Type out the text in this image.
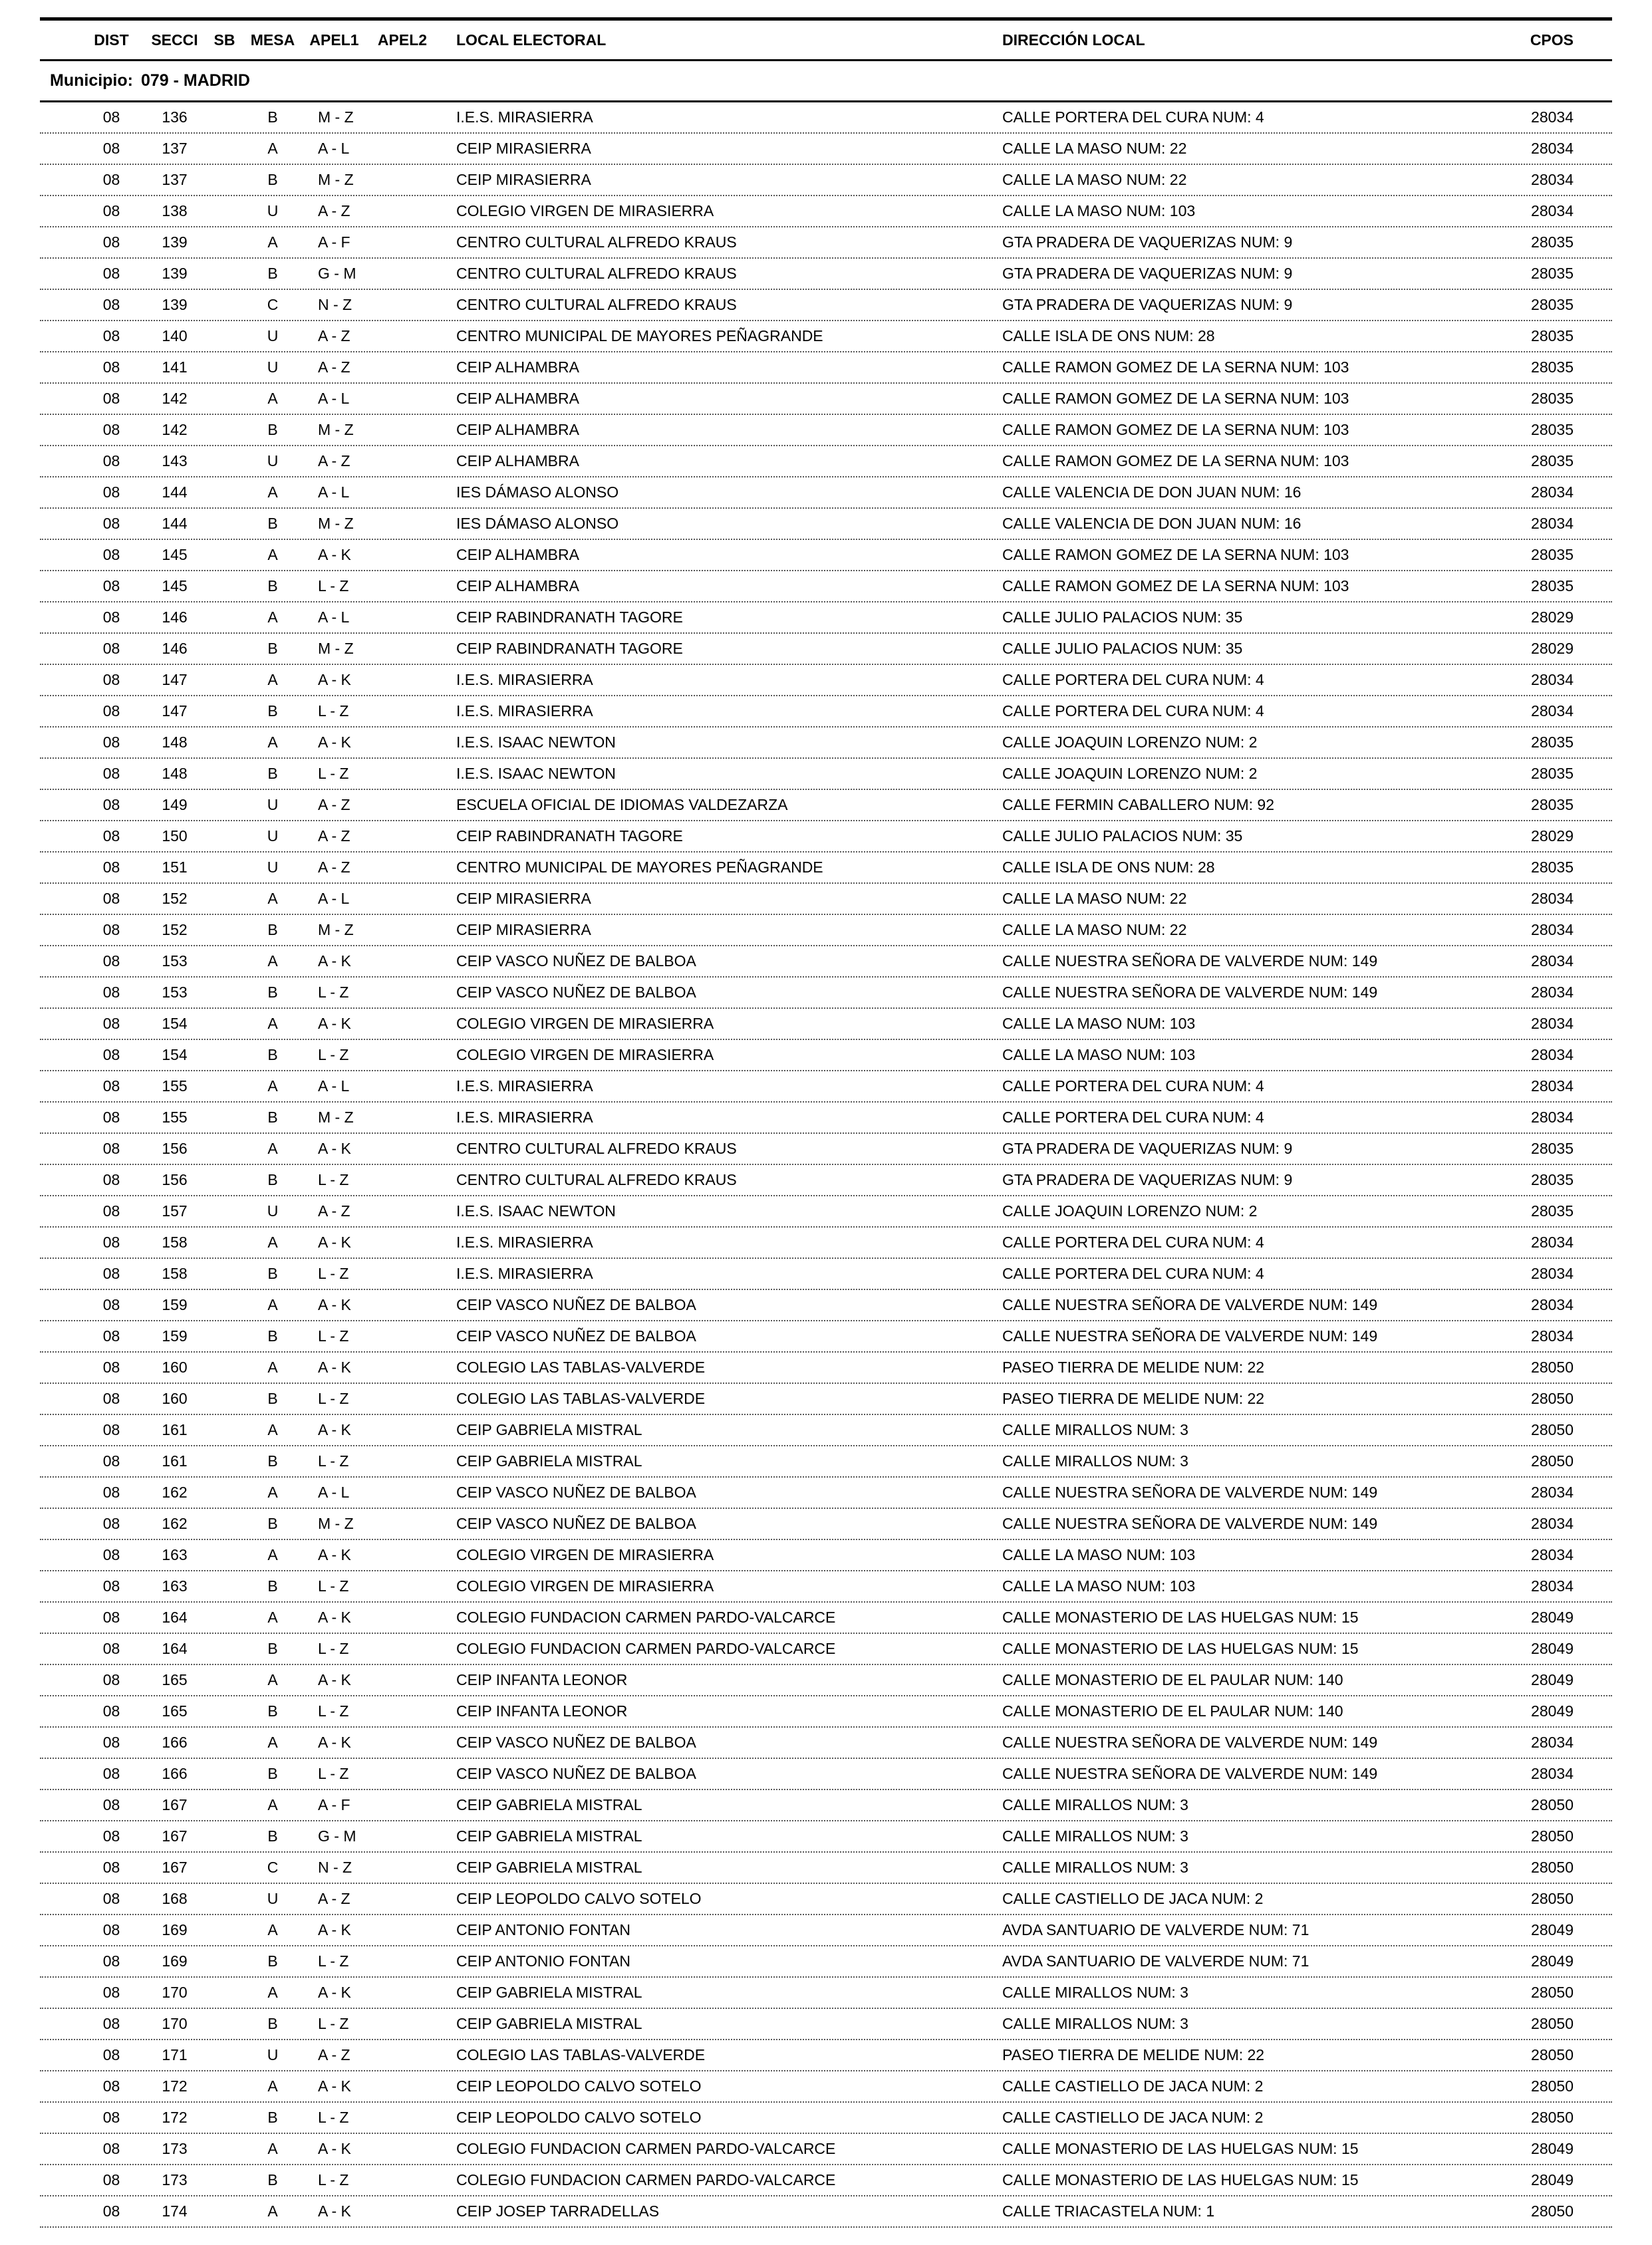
DIST	SECCI	SB	MESA APEL1	APEL2	LOCAL ELECTORAL	DIRECCIÓN LOCAL	CPOS
Municipio: 079 - MADRID
08	136	B	M - Z	I.E.S. MIRASIERRA	CALLE PORTERA DEL CURA NUM: 4	28034
08	137	A	A - L	CEIP MIRASIERRA	CALLE LA MASO NUM: 22	28034
08	137	B	M - Z	CEIP MIRASIERRA	CALLE LA MASO NUM: 22	28034
08	138	U	A - Z	COLEGIO VIRGEN DE MIRASIERRA	CALLE LA MASO NUM: 103	28034
08	139	A	A - F	CENTRO CULTURAL ALFREDO KRAUS	GTA PRADERA DE VAQUERIZAS NUM: 9	28035
08	139	B	G - M	CENTRO CULTURAL ALFREDO KRAUS	GTA PRADERA DE VAQUERIZAS NUM: 9	28035
08	139	C	N - Z	CENTRO CULTURAL ALFREDO KRAUS	GTA PRADERA DE VAQUERIZAS NUM: 9	28035
08	140	U	A - Z	CENTRO MUNICIPAL DE MAYORES PEÑAGRANDE	CALLE ISLA DE ONS NUM: 28	28035
08	141	U	A - Z	CEIP ALHAMBRA	CALLE RAMON GOMEZ DE LA SERNA NUM: 103	28035
08	142	A	A - L	CEIP ALHAMBRA	CALLE RAMON GOMEZ DE LA SERNA NUM: 103	28035
08	142	B	M - Z	CEIP ALHAMBRA	CALLE RAMON GOMEZ DE LA SERNA NUM: 103	28035
08	143	U	A - Z	CEIP ALHAMBRA	CALLE RAMON GOMEZ DE LA SERNA NUM: 103	28035
08	144	A	A - L	IES DÁMASO ALONSO	CALLE VALENCIA DE DON JUAN NUM: 16	28034
08	144	B	M - Z	IES DÁMASO ALONSO	CALLE VALENCIA DE DON JUAN NUM: 16	28034
08	145	A	A - K	CEIP ALHAMBRA	CALLE RAMON GOMEZ DE LA SERNA NUM: 103	28035
08	145	B	L - Z	CEIP ALHAMBRA	CALLE RAMON GOMEZ DE LA SERNA NUM: 103	28035
08	146	A	A - L	CEIP RABINDRANATH TAGORE	CALLE JULIO PALACIOS NUM: 35	28029
08	146	B	M - Z	CEIP RABINDRANATH TAGORE	CALLE JULIO PALACIOS NUM: 35	28029
08	147	A	A - K	I.E.S. MIRASIERRA	CALLE PORTERA DEL CURA NUM: 4	28034
08	147	B	L - Z	I.E.S. MIRASIERRA	CALLE PORTERA DEL CURA NUM: 4	28034
08	148	A	A - K	I.E.S. ISAAC NEWTON	CALLE JOAQUIN LORENZO NUM: 2	28035
08	148	B	L - Z	I.E.S. ISAAC NEWTON	CALLE JOAQUIN LORENZO NUM: 2	28035
08	149	U	A - Z	ESCUELA OFICIAL DE IDIOMAS VALDEZARZA	CALLE FERMIN CABALLERO NUM: 92	28035
08	150	U	A - Z	CEIP RABINDRANATH TAGORE	CALLE JULIO PALACIOS NUM: 35	28029
08	151	U	A - Z	CENTRO MUNICIPAL DE MAYORES PEÑAGRANDE	CALLE ISLA DE ONS NUM: 28	28035
08	152	A	A - L	CEIP MIRASIERRA	CALLE LA MASO NUM: 22	28034
08	152	B	M - Z	CEIP MIRASIERRA	CALLE LA MASO NUM: 22	28034
08	153	A	A - K	CEIP VASCO NUÑEZ DE BALBOA	CALLE NUESTRA SEÑORA DE VALVERDE NUM: 149	28034
08	153	B	L - Z	CEIP VASCO NUÑEZ DE BALBOA	CALLE NUESTRA SEÑORA DE VALVERDE NUM: 149	28034
08	154	A	A - K	COLEGIO VIRGEN DE MIRASIERRA	CALLE LA MASO NUM: 103	28034
08	154	B	L - Z	COLEGIO VIRGEN DE MIRASIERRA	CALLE LA MASO NUM: 103	28034
08	155	A	A - L	I.E.S. MIRASIERRA	CALLE PORTERA DEL CURA NUM: 4	28034
08	155	B	M - Z	I.E.S. MIRASIERRA	CALLE PORTERA DEL CURA NUM: 4	28034
08	156	A	A - K	CENTRO CULTURAL ALFREDO KRAUS	GTA PRADERA DE VAQUERIZAS NUM: 9	28035
08	156	B	L - Z	CENTRO CULTURAL ALFREDO KRAUS	GTA PRADERA DE VAQUERIZAS NUM: 9	28035
08	157	U	A - Z	I.E.S. ISAAC NEWTON	CALLE JOAQUIN LORENZO NUM: 2	28035
08	158	A	A - K	I.E.S. MIRASIERRA	CALLE PORTERA DEL CURA NUM: 4	28034
08	158	B	L - Z	I.E.S. MIRASIERRA	CALLE PORTERA DEL CURA NUM: 4	28034
08	159	A	A - K	CEIP VASCO NUÑEZ DE BALBOA	CALLE NUESTRA SEÑORA DE VALVERDE NUM: 149	28034
08	159	B	L - Z	CEIP VASCO NUÑEZ DE BALBOA	CALLE NUESTRA SEÑORA DE VALVERDE NUM: 149	28034
08	160	A	A - K	COLEGIO LAS TABLAS-VALVERDE	PASEO TIERRA DE MELIDE NUM: 22	28050
08	160	B	L - Z	COLEGIO LAS TABLAS-VALVERDE	PASEO TIERRA DE MELIDE NUM: 22	28050
08	161	A	A - K	CEIP GABRIELA MISTRAL	CALLE MIRALLOS NUM: 3	28050
08	161	B	L - Z	CEIP GABRIELA MISTRAL	CALLE MIRALLOS NUM: 3	28050
08	162	A	A - L	CEIP VASCO NUÑEZ DE BALBOA	CALLE NUESTRA SEÑORA DE VALVERDE NUM: 149	28034
08	162	B	M - Z	CEIP VASCO NUÑEZ DE BALBOA	CALLE NUESTRA SEÑORA DE VALVERDE NUM: 149	28034
08	163	A	A - K	COLEGIO VIRGEN DE MIRASIERRA	CALLE LA MASO NUM: 103	28034
08	163	B	L - Z	COLEGIO VIRGEN DE MIRASIERRA	CALLE LA MASO NUM: 103	28034
08	164	A	A - K	COLEGIO FUNDACION CARMEN PARDO-VALCARCE	CALLE MONASTERIO DE LAS HUELGAS NUM: 15	28049
08	164	B	L - Z	COLEGIO FUNDACION CARMEN PARDO-VALCARCE	CALLE MONASTERIO DE LAS HUELGAS NUM: 15	28049
08	165	A	A - K	CEIP INFANTA LEONOR	CALLE MONASTERIO DE EL PAULAR NUM: 140	28049
08	165	B	L - Z	CEIP INFANTA LEONOR	CALLE MONASTERIO DE EL PAULAR NUM: 140	28049
08	166	A	A - K	CEIP VASCO NUÑEZ DE BALBOA	CALLE NUESTRA SEÑORA DE VALVERDE NUM: 149	28034
08	166	B	L - Z	CEIP VASCO NUÑEZ DE BALBOA	CALLE NUESTRA SEÑORA DE VALVERDE NUM: 149	28034
08	167	A	A - F	CEIP GABRIELA MISTRAL	CALLE MIRALLOS NUM: 3	28050
08	167	B	G - M	CEIP GABRIELA MISTRAL	CALLE MIRALLOS NUM: 3	28050
08	167	C	N - Z	CEIP GABRIELA MISTRAL	CALLE MIRALLOS NUM: 3	28050
08	168	U	A - Z	CEIP LEOPOLDO CALVO SOTELO	CALLE CASTIELLO DE JACA NUM: 2	28050
08	169	A	A - K	CEIP ANTONIO FONTAN	AVDA SANTUARIO DE VALVERDE NUM: 71	28049
08	169	B	L - Z	CEIP ANTONIO FONTAN	AVDA SANTUARIO DE VALVERDE NUM: 71	28049
08	170	A	A - K	CEIP GABRIELA MISTRAL	CALLE MIRALLOS NUM: 3	28050
08	170	B	L - Z	CEIP GABRIELA MISTRAL	CALLE MIRALLOS NUM: 3	28050
08	171	U	A - Z	COLEGIO LAS TABLAS-VALVERDE	PASEO TIERRA DE MELIDE NUM: 22	28050
08	172	A	A - K	CEIP LEOPOLDO CALVO SOTELO	CALLE CASTIELLO DE JACA NUM: 2	28050
08	172	B	L - Z	CEIP LEOPOLDO CALVO SOTELO	CALLE CASTIELLO DE JACA NUM: 2	28050
08	173	A	A - K	COLEGIO FUNDACION CARMEN PARDO-VALCARCE	CALLE MONASTERIO DE LAS HUELGAS NUM: 15	28049
08	173	B	L - Z	COLEGIO FUNDACION CARMEN PARDO-VALCARCE	CALLE MONASTERIO DE LAS HUELGAS NUM: 15	28049
08	174	A	A - K	CEIP JOSEP TARRADELLAS	CALLE TRIACASTELA NUM: 1	28050
